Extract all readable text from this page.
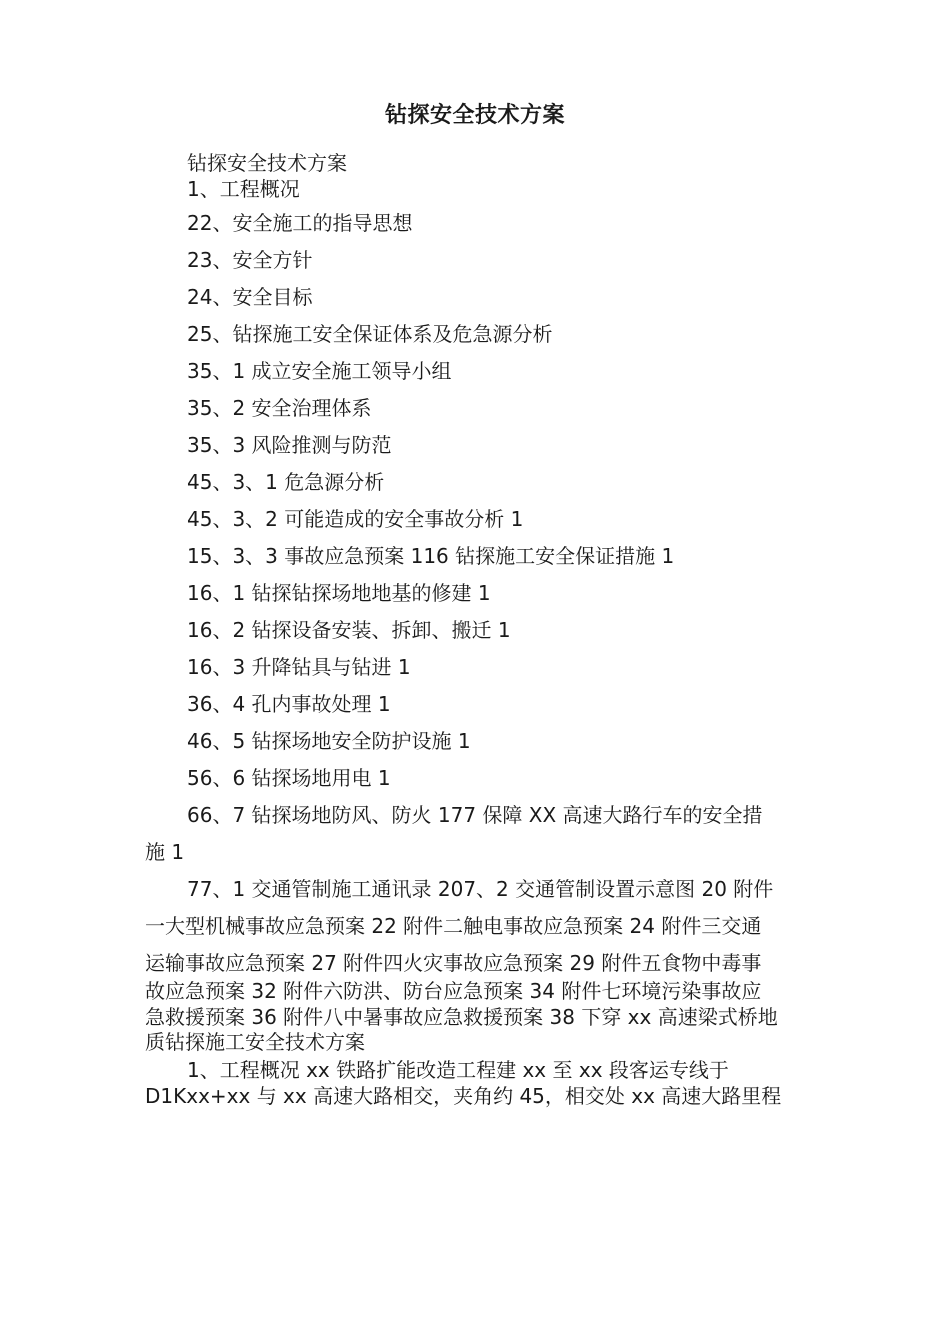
钻探安全技术方案
钻探安全技术方案
1、工程概况
22、安全施工的指导思想
23、安全方针
24、安全目标
25、钻探施工安全保证体系及危急源分析
35、1 成立安全施工领导小组
35、2 安全治理体系
35、3 风险推测与防范
45、3、1 危急源分析
45、3、2 可能造成的安全事故分析 1
15、3、3 事故应急预案 116 钻探施工安全保证措施 1
16、1 钻探钻探场地地基的修建 1
16、2 钻探设备安装、拆卸、搬迁 1
16、3 升降钻具与钻进 1
36、4 孔内事故处理 1
46、5 钻探场地安全防护设施 1
56、6 钻探场地用电 1
66、7 钻探场地防风、防火 177 保障 XX 高速大路行车的安全措
施 1
77、1 交通管制施工通讯录 207、2 交通管制设置示意图 20 附件
一大型机械事故应急预案 22 附件二触电事故应急预案 24 附件三交通
运输事故应急预案 27 附件四火灾事故应急预案 29 附件五食物中毒事
故应急预案 32 附件六防洪、防台应急预案 34 附件七环境污染事故应
急救援预案 36 附件八中暑事故应急救援预案 38 下穿 xx 高速梁式桥地
质钻探施工安全技术方案
1、工程概况 xx 铁路扩能改造工程建 xx 至 xx 段客运专线于
D1Kxx+xx 与 xx 高速大路相交，夹角约 45，相交处 xx 高速大路里程
